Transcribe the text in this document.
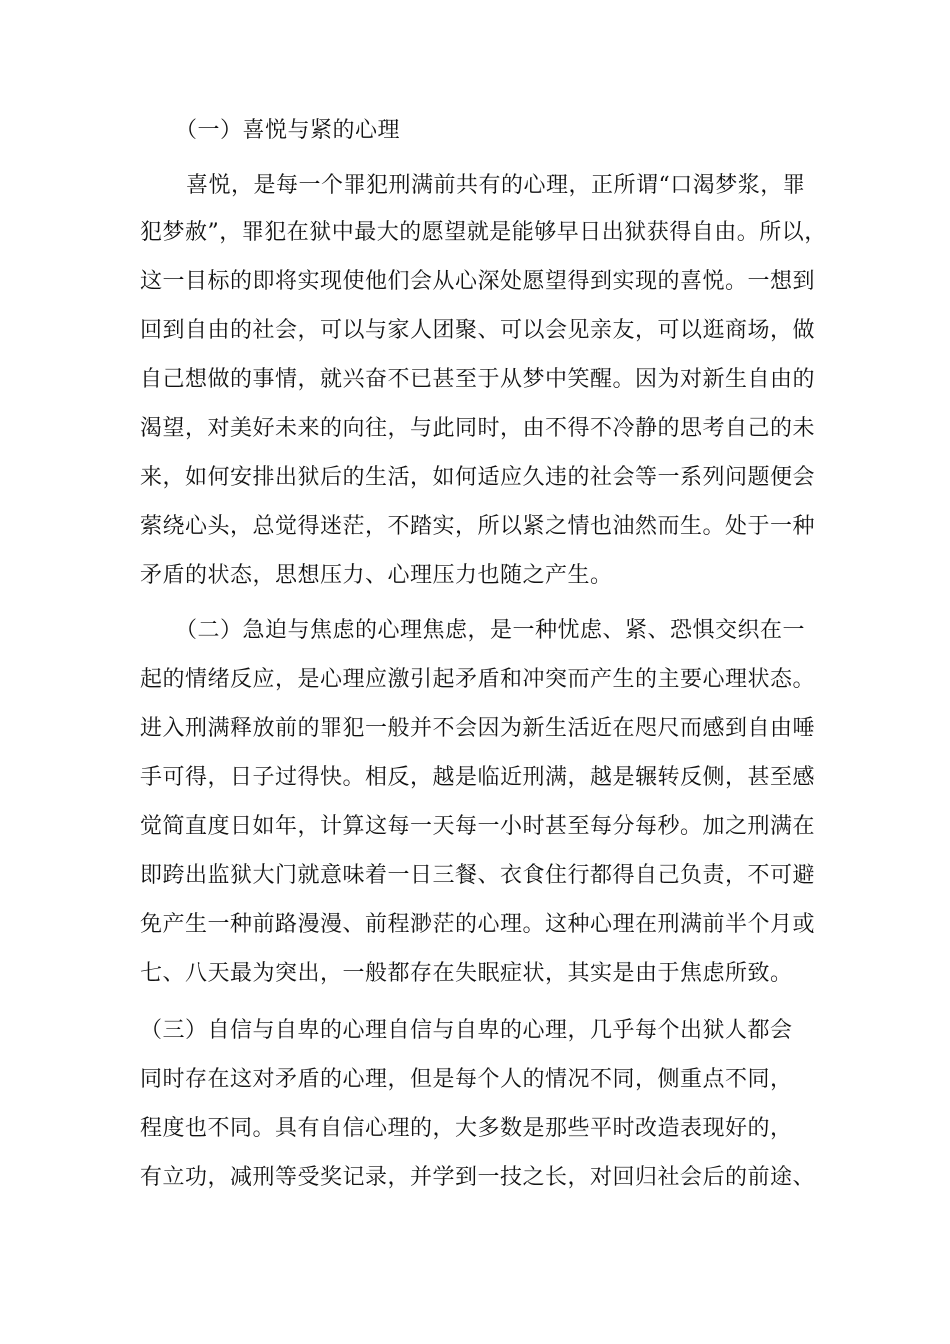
（一）喜悦与紧的心理
喜悦，是每一个罪犯刑满前共有的心理，正所谓“口渴梦浆，罪
犯梦赦”，罪犯在狱中最大的愿望就是能够早日出狱获得自由。所以，
这一目标的即将实现使他们会从心深处愿望得到实现的喜悦。一想到
回到自由的社会，可以与家人团聚、可以会见亲友，可以逛商场，做
自己想做的事情，就兴奋不已甚至于从梦中笑醒。因为对新生自由的
渴望，对美好未来的向往，与此同时，由不得不冷静的思考自己的未
来，如何安排出狱后的生活，如何适应久违的社会等一系列问题便会
萦绕心头，总觉得迷茫，不踏实，所以紧之情也油然而生。处于一种
矛盾的状态，思想压力、心理压力也随之产生。
（二）急迫与焦虑的心理焦虑，是一种忧虑、紧、恐惧交织在一
起的情绪反应，是心理应激引起矛盾和冲突而产生的主要心理状态。
进入刑满释放前的罪犯一般并不会因为新生活近在咫尺而感到自由唾
手可得，日子过得快。相反，越是临近刑满，越是辗转反侧，甚至感
觉简直度日如年，计算这每一天每一小时甚至每分每秒。加之刑满在
即跨出监狱大门就意味着一日三餐、衣食住行都得自己负责，不可避
免产生一种前路漫漫、前程渺茫的心理。这种心理在刑满前半个月或
七、八天最为突出，一般都存在失眠症状，其实是由于焦虑所致。
（三）自信与自卑的心理自信与自卑的心理，几乎每个出狱人都会
同时存在这对矛盾的心理，但是每个人的情况不同，侧重点不同，
程度也不同。具有自信心理的，大多数是那些平时改造表现好的，
有立功，减刑等受奖记录，并学到一技之长，对回归社会后的前途、
